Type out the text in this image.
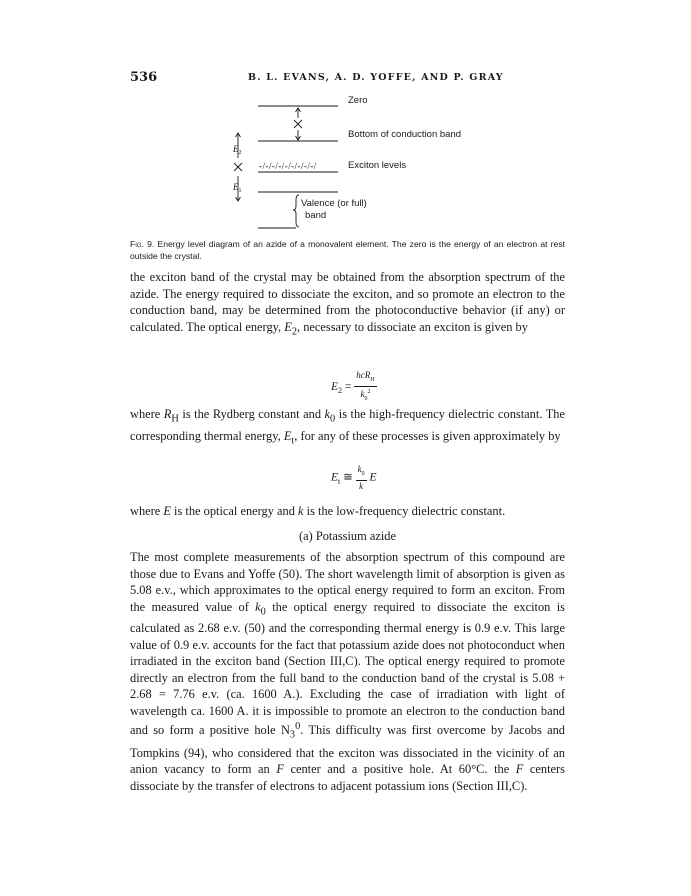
536	B. L. EVANS, A. D. YOFFE, AND P. GRAY
$E_2$
$E_1$
-/-/-/-/-/-/-/-/-/
Zero
Bottom of conduction band
Exciton levels
Valence (or full)
band
Fig. 9. Energy level diagram of an azide of a monovalent element. The zero is the energy of an electron at rest outside the crystal.

the exciton band of the crystal may be obtained from the absorption spectrum of the azide. The energy required to dissociate the exciton, and so promote an electron to the conduction band, may be determined from the photoconductive behavior (if any) or calculated. The optical energy, $E_2$, necessary to dissociate an exciton is given by

$E_2 = \frac{hcR_H}{k_0^2}$

where $R_H$ is the Rydberg constant and $k_0$ is the high-frequency dielectric constant. The corresponding thermal energy, $E_t$, for any of these processes is given approximately by

$E_t$ ≅ $\frac{k_0}{k}$ E

where E is the optical energy and k is the low-frequency dielectric constant.

(a) Potassium azide

The most complete measurements of the absorption spectrum of this compound are those due to Evans and Yoffe (50). The short wavelength limit of absorption is given as 5.08 e.v., which approximates to the optical energy required to form an exciton. From the measured value of $k_0$ the optical energy required to dissociate the exciton is calculated as 2.68 e.v. (50) and the corresponding thermal energy is 0.9 e.v. This large value of 0.9 e.v. accounts for the fact that potassium azide does not photoconduct when irradiated in the exciton band (Section III,C). The optical energy required to promote directly an electron from the full band to the conduction band of the crystal is 5.08 + 2.68 = 7.76 e.v. (ca. 1600 A.). Excluding the case of irradiation with light of wavelength ca. 1600 A. it is impossible to promote an electron to the conduction band and so form a positive hole $N_3^0$. This difficulty was first overcome by Jacobs and Tompkins (94), who considered that the exciton was dissociated in the vicinity of an anion vacancy to form an F center and a positive hole. At 60°C. the F centers dissociate by the transfer of electrons to adjacent potassium ions (Section III,C).
